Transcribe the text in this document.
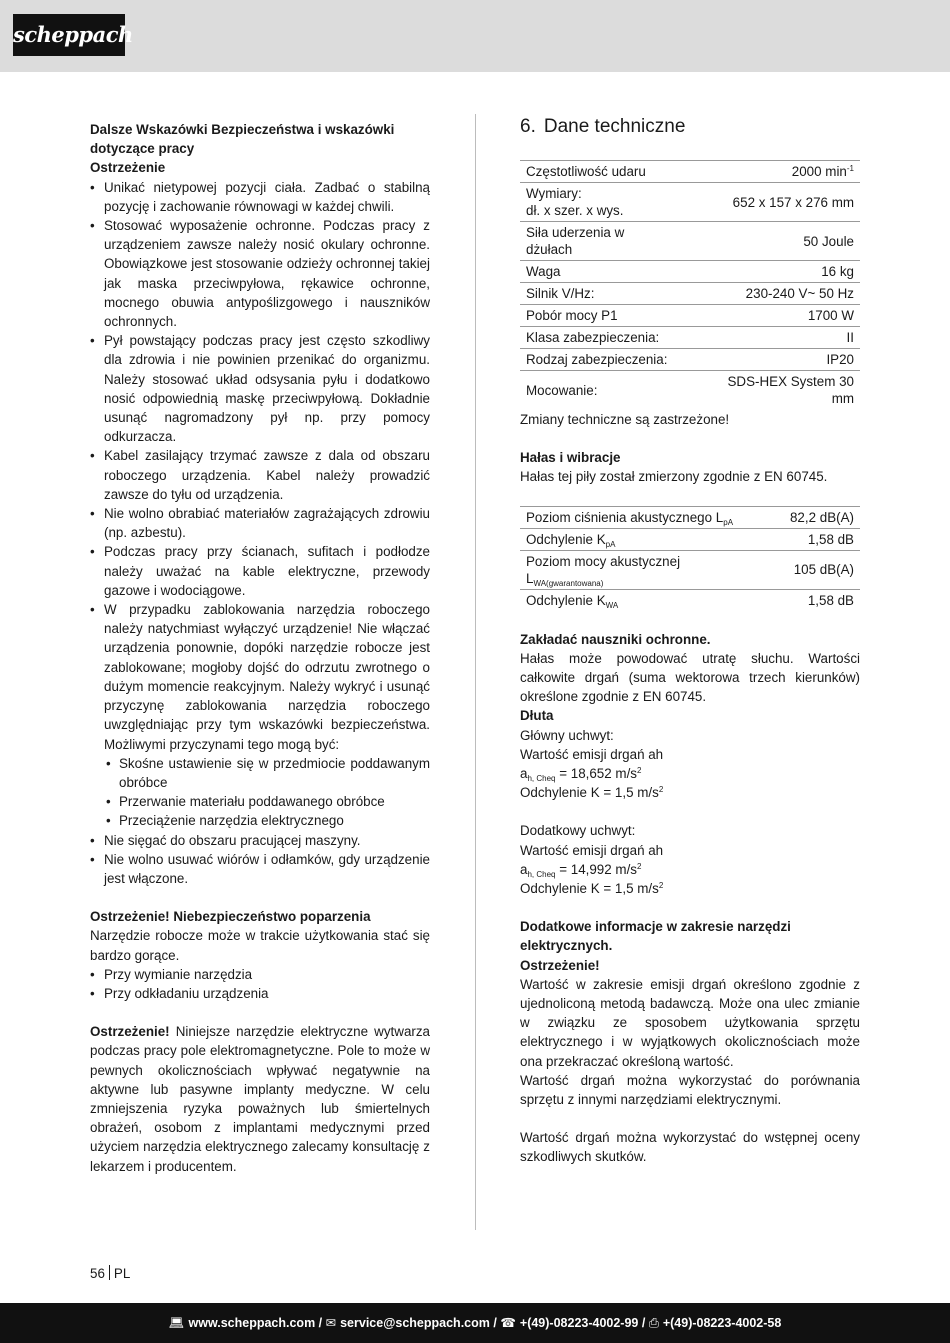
scheppach
Dalsze Wskazówki Bezpieczeństwa i wskazówki dotyczące pracy
Ostrzeżenie
• Unikać nietypowej pozycji ciała. Zadbać o stabilną pozycję i zachowanie równowagi w każdej chwili.
• Stosować wyposażenie ochronne. Podczas pracy z urządzeniem zawsze należy nosić okulary ochronne. Obowiązkowe jest stosowanie odzieży ochronnej takiej jak maska przeciwpyłowa, rękawice ochronne, mocnego obuwia antypoślizgowego i nauszników ochronnych.
• Pył powstający podczas pracy jest często szkodliwy dla zdrowia i nie powinien przenikać do organizmu. Należy stosować układ odsysania pyłu i dodatkowo nosić odpowiednią maskę przeciwpyłową. Dokładnie usunąć nagromadzony pył np. przy pomocy odkurzacza.
• Kabel zasilający trzymać zawsze z dala od obszaru roboczego urządzenia. Kabel należy prowadzić zawsze do tyłu od urządzenia.
• Nie wolno obrabiać materiałów zagrażających zdrowiu (np. azbestu).
• Podczas pracy przy ścianach, sufitach i podłodze należy uważać na kable elektryczne, przewody gazowe i wodociągowe.
• W przypadku zablokowania narzędzia roboczego należy natychmiast wyłączyć urządzenie! Nie włączać urządzenia ponownie, dopóki narzędzie robocze jest zablokowane; mogłoby dojść do odrzutu zwrotnego o dużym momencie reakcyjnym. Należy wykryć i usunąć przyczynę zablokowania narzędzia roboczego uwzględniając przy tym wskazówki bezpieczeństwa. Możliwymi przyczynami tego mogą być:
• Skośne ustawienie się w przedmiocie poddawanym obróbce
• Przerwanie materiału poddawanego obróbce
• Przeciążenie narzędzia elektrycznego
• Nie sięgać do obszaru pracującej maszyny.
• Nie wolno usuwać wiórów i odłamków, gdy urządzenie jest włączone.
Ostrzeżenie! Niebezpieczeństwo poparzenia
Narzędzie robocze może w trakcie użytkowania stać się bardzo gorące.
• Przy wymianie narzędzia
• Przy odkładaniu urządzenia
Ostrzeżenie! Niniejsze narzędzie elektryczne wytwarza podczas pracy pole elektromagnetyczne. Pole to może w pewnych okolicznościach wpływać negatywnie na aktywne lub pasywne implanty medyczne. W celu zmniejszenia ryzyka poważnych lub śmiertelnych obrażeń, osobom z implantami medycznymi przed użyciem narzędzia elektrycznego zalecamy konsultację z lekarzem i producentem.
6. Dane techniczne
Częstotliwość udaru	2000 $\min^{-1}$
Wymiary:
dł. x szer. x wys.	652 x 157 x 276 mm
Siła uderzenia w dżułach	50 Joule
Waga	16 kg
Silnik V/Hz:	230-240 V~ 50 Hz
Pobór mocy P1	1700 W
Klasa zabezpieczenia:	II
Rodzaj zabezpieczenia:	IP20
Mocowanie:	SDS-HEX System 30 mm
Zmiany techniczne są zastrzeżone!
Hałas i wibracje
Hałas tej piły został zmierzony zgodnie z EN 60745.
Poziom ciśnienia akustycznego $L_{pA}$	82,2 dB(A)
Odchylenie $K_{pA}$	1,58 dB
Poziom mocy akustycznej $L_{WA(gwarantowana)}$	105 dB(A)
Odchylenie $K_{WA}$	1,58 dB
Zakładać nauszniki ochronne.
Hałas może powodować utratę słuchu. Wartości całkowite drgań (suma wektorowa trzech kierunków) określone zgodnie z EN 60745.
Dłuta
Główny uchwyt:
Wartość emisji drgań ah
$a_{h, Cheq} = 18,652$ $m/s^2$
Odchylenie K = 1,5 $m/s^2$
Dodatkowy uchwyt:
Wartość emisji drgań ah
$a_{h, Cheq} = 14,992$ $m/s^2$
Odchylenie K = 1,5 $m/s^2$
Dodatkowe informacje w zakresie narzędzi elektrycznych.
Ostrzeżenie!
Wartość w zakresie emisji drgań określono zgodnie z ujednoliconą metodą badawczą. Może ona ulec zmianie w związku ze sposobem użytkowania sprzętu elektrycznego i w wyjątkowych okolicznościach może ona przekraczać określoną wartość.
Wartość drgań można wykorzystać do porównania sprzętu z innymi narzędziami elektrycznymi.
Wartość drgań można wykorzystać do wstępnej oceny szkodliwych skutków.
56 PL
💻︎ www.scheppach.com / ✉︎ service@scheppach.com / ☎︎ +(49)-08223-4002-99 / ⎙ +(49)-08223-4002-58
